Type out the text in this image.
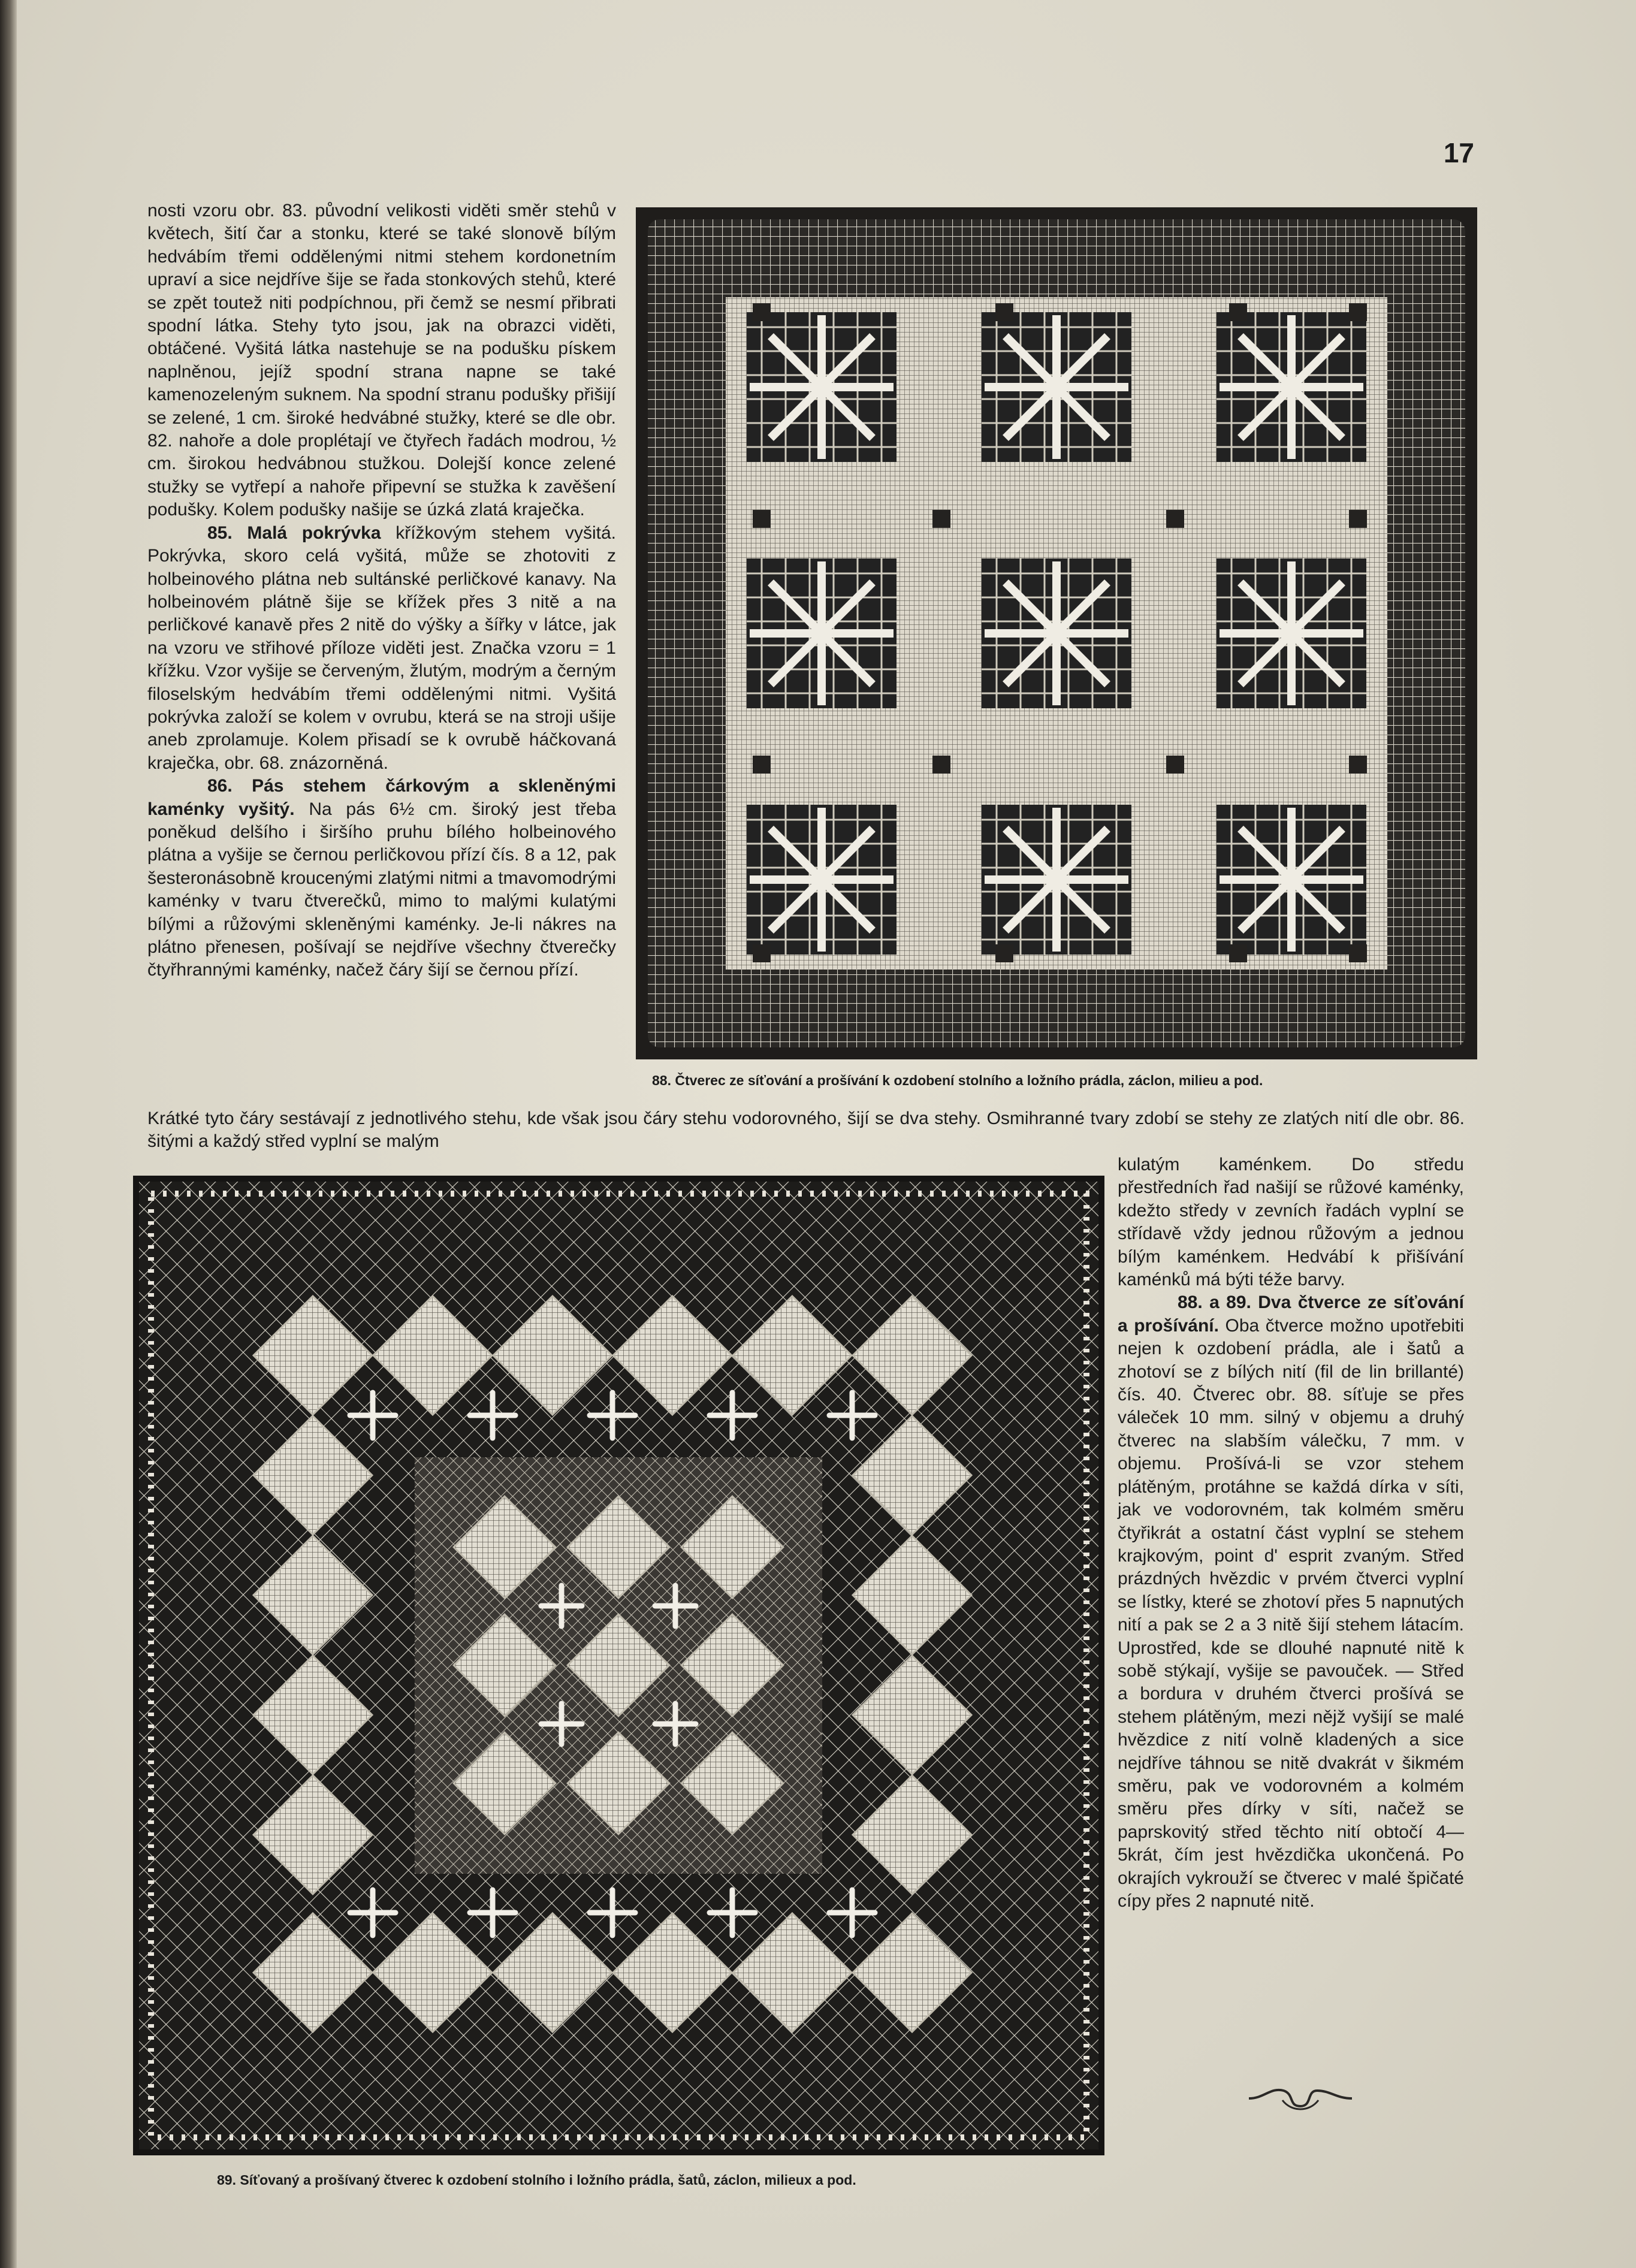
17

nosti vzoru obr. 83. původní velikosti viděti směr stehů v květech, šití čar a stonku, které se také slonově bílým hedvábím třemi oddělenými nitmi stehem kordonetním upraví a sice nejdříve šije se řada stonkových stehů, které se zpět toutež niti podpíchnou, při čemž se nesmí přibrati spodní látka. Stehy tyto jsou, jak na obrazci viděti, obtáčené. Vyšitá látka nastehuje se na podušku pískem naplněnou, jejíž spodní strana napne se také kamenozeleným suknem. Na spodní stranu podušky přišijí se zelené, 1 cm. široké hedvábné stužky, které se dle obr. 82. nahoře a dole proplétají ve čtyřech řadách modrou, ½ cm. širokou hedvábnou stužkou. Dolejší konce zelené stužky se vytřepí a nahoře připevní se stužka k zavěšení podušky. Kolem podušky našije se úzká zlatá kraječka.

85. Malá pokrývka křížkovým stehem vyšitá. Pokrývka, skoro celá vyšitá, může se zhotoviti z holbeinového plátna neb sultánské perličkové kanavy. Na holbeinovém plátně šije se křížek přes 3 nitě a na perličkové kanavě přes 2 nitě do výšky a šířky v látce, jak na vzoru ve střihové příloze viděti jest. Značka vzoru = 1 křížku. Vzor vyšije se červeným, žlutým, modrým a černým filoselským hedvábím třemi oddělenými nitmi. Vyšitá pokrývka založí se kolem v ovrubu, která se na stroji ušije aneb zprolamuje. Kolem přisadí se k ovrubě háčkovaná kraječka, obr. 68. znázorněná.

86. Pás stehem čárkovým a skleněnými kaménky vyšitý. Na pás 6½ cm. široký jest třeba poněkud delšího i širšího pruhu bílého holbeinového plátna a vyšije se černou perličkovou přízí čís. 8 a 12, pak šesteronásobně kroucenými zlatými nitmi a tmavomodrými kaménky v tvaru čtverečků, mimo to malými kulatými bílými a růžovými skleněnými kaménky. Je-li nákres na plátno přenesen, pošívají se nejdříve všechny čtverečky čtyřhrannými kaménky, načež čáry šijí se černou přízí.

Krátké tyto čáry sestávají z jednotlivého stehu, kde však jsou čáry stehu vodorovného, šijí se dva stehy. Osmihranné tvary zdobí se stehy ze zlatých nití dle obr. 86. šitými a každý střed vyplní se malým

kulatým kaménkem. Do středu přestředních řad našijí se růžové kaménky, kdežto středy v zevních řadách vyplní se střídavě vždy jednou růžovým a jednou bílým kaménkem. Hedvábí k přišívání kaménků má býti téže barvy.

88. a 89. Dva čtverce ze síťování a prošívání. Oba čtverce možno upotřebiti nejen k ozdobení prádla, ale i šatů a zhotoví se z bílých nití (fil de lin brillanté) čís. 40. Čtverec obr. 88. síťuje se přes váleček 10 mm. silný v objemu a druhý čtverec na slabším válečku, 7 mm. v objemu. Prošívá-li se vzor stehem plátěným, protáhne se každá dírka v síti, jak ve vodorovném, tak kolmém směru čtyřikrát a ostatní část vyplní se stehem krajkovým, point d' esprit zvaným. Střed prázdných hvězdic v prvém čtverci vyplní se lístky, které se zhotoví přes 5 napnutých nití a pak se 2 a 3 nitě šijí stehem látacím. Uprostřed, kde se dlouhé napnuté nitě k sobě stýkají, vyšije se pavouček. — Střed a bordura v druhém čtverci prošívá se stehem plátěným, mezi nějž vyšijí se malé hvězdice z nití volně kladených a sice nejdříve táhnou se nitě dvakrát v šikmém směru, pak ve vodorovném a kolmém směru přes dírky v síti, načež se paprskovitý střed těchto nití obtočí 4—5krát, čím jest hvězdička ukončená. Po okrajích vykrouží se čtverec v malé špičaté cípy přes 2 napnuté nitě.

88. Čtverec ze síťování a prošívání k ozdobení stolního a ložního prádla, záclon, milieu a pod.

89. Síťovaný a prošívaný čtverec k ozdobení stolního i ložního prádla, šatů, záclon, milieux a pod.
